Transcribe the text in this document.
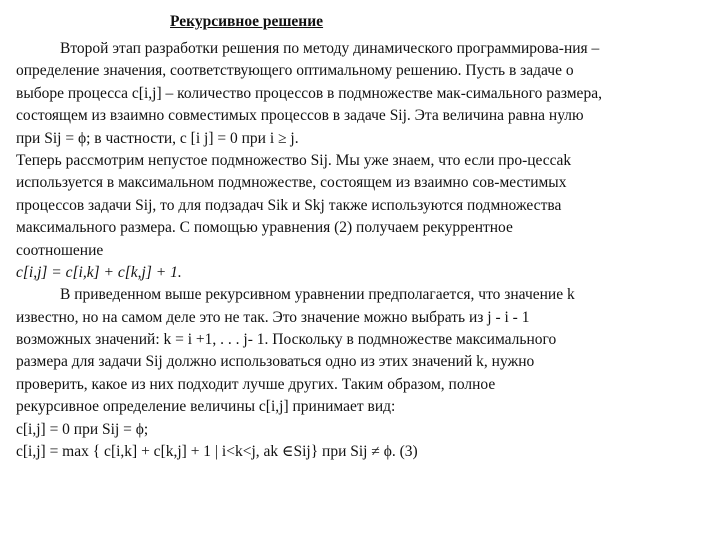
Рекурсивное решение

Второй этап разработки решения по методу динамического программирова-ния –
определение значения, соответствующего оптимальному решению. Пусть в задаче о
выборе процесса c[i,j] – количество процессов в подмножестве мак-симального размера,
состоящем из взаимно совместимых процессов в задаче Sij. Эта величина равна нулю
при Sij = ϕ; в частности, c [i j] = 0 при i ≥ j.
Теперь рассмотрим непустое подмножество Sij. Мы уже знаем, что если про-цессak
используется в максимальном подмножестве, состоящем из взаимно сов-местимых
процессов задачи Sij, то для подзадач Sik и Skj также используются подмножества
максимального размера. С помощью уравнения (2) получаем рекуррентное
соотношение
c[i,j] = c[i,k] + c[k,j] + 1.
В приведенном выше рекурсивном уравнении предполагается, что значение k
известно, но на самом деле это не так. Это значение можно выбрать из j - i - 1
возможных значений: k = i +1, . . . j- 1. Поскольку в подмножестве максимального
размера для задачи Sij должно использоваться одно из этих значений k, нужно
проверить, какое из них подходит лучше других. Таким образом, полное
рекурсивное определение величины c[i,j] принимает вид:
c[i,j] = 0 при Sij = ϕ;
c[i,j] = max { c[i,k] + c[k,j] + 1 | i<k<j, ak ∈Sij} при Sij ≠ ϕ. (3)
